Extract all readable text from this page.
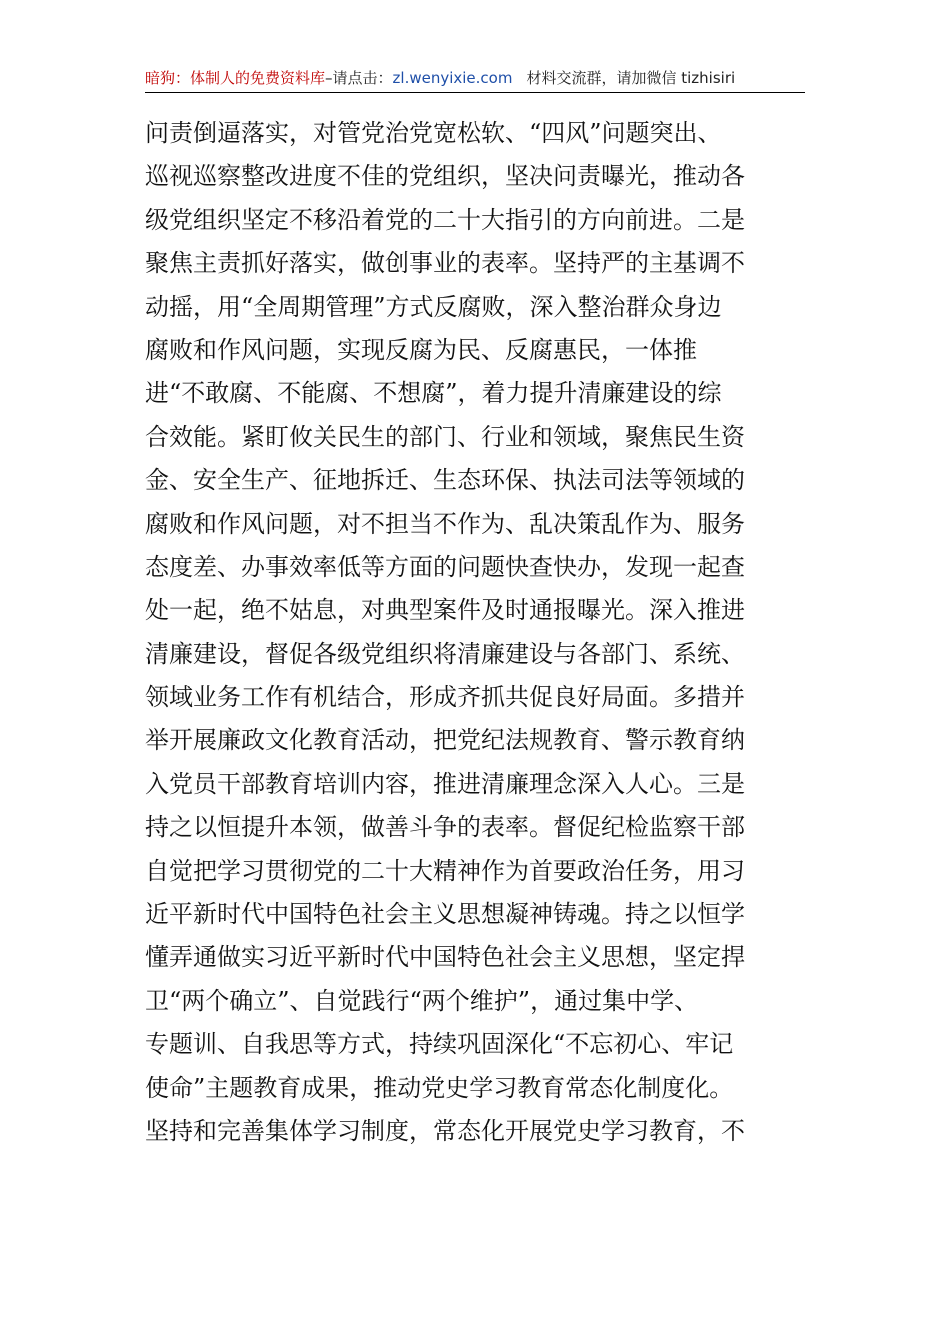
暗狗：体制人的免费资料库–请点击：zl.wenyixie.com 材料交流群，请加微信 tizhisiri
问责倒逼落实，对管党治党宽松软、“四风”问题突出、
巡视巡察整改进度不佳的党组织，坚决问责曝光，推动各
级党组织坚定不移沿着党的二十大指引的方向前进。二是
聚焦主责抓好落实，做创事业的表率。坚持严的主基调不
动摇，用“全周期管理”方式反腐败，深入整治群众身边
腐败和作风问题，实现反腐为民、反腐惠民，一体推
进“不敢腐、不能腐、不想腐”，着力提升清廉建设的综
合效能。紧盯攸关民生的部门、行业和领域，聚焦民生资
金、安全生产、征地拆迁、生态环保、执法司法等领域的
腐败和作风问题，对不担当不作为、乱决策乱作为、服务
态度差、办事效率低等方面的问题快查快办，发现一起查
处一起，绝不姑息，对典型案件及时通报曝光。深入推进
清廉建设，督促各级党组织将清廉建设与各部门、系统、
领域业务工作有机结合，形成齐抓共促良好局面。多措并
举开展廉政文化教育活动，把党纪法规教育、警示教育纳
入党员干部教育培训内容，推进清廉理念深入人心。三是
持之以恒提升本领，做善斗争的表率。督促纪检监察干部
自觉把学习贯彻党的二十大精神作为首要政治任务，用习
近平新时代中国特色社会主义思想凝神铸魂。持之以恒学
懂弄通做实习近平新时代中国特色社会主义思想，坚定捍
卫“两个确立”、自觉践行“两个维护”，通过集中学、
专题训、自我思等方式，持续巩固深化“不忘初心、牢记
使命”主题教育成果，推动党史学习教育常态化制度化。
坚持和完善集体学习制度，常态化开展党史学习教育，不
